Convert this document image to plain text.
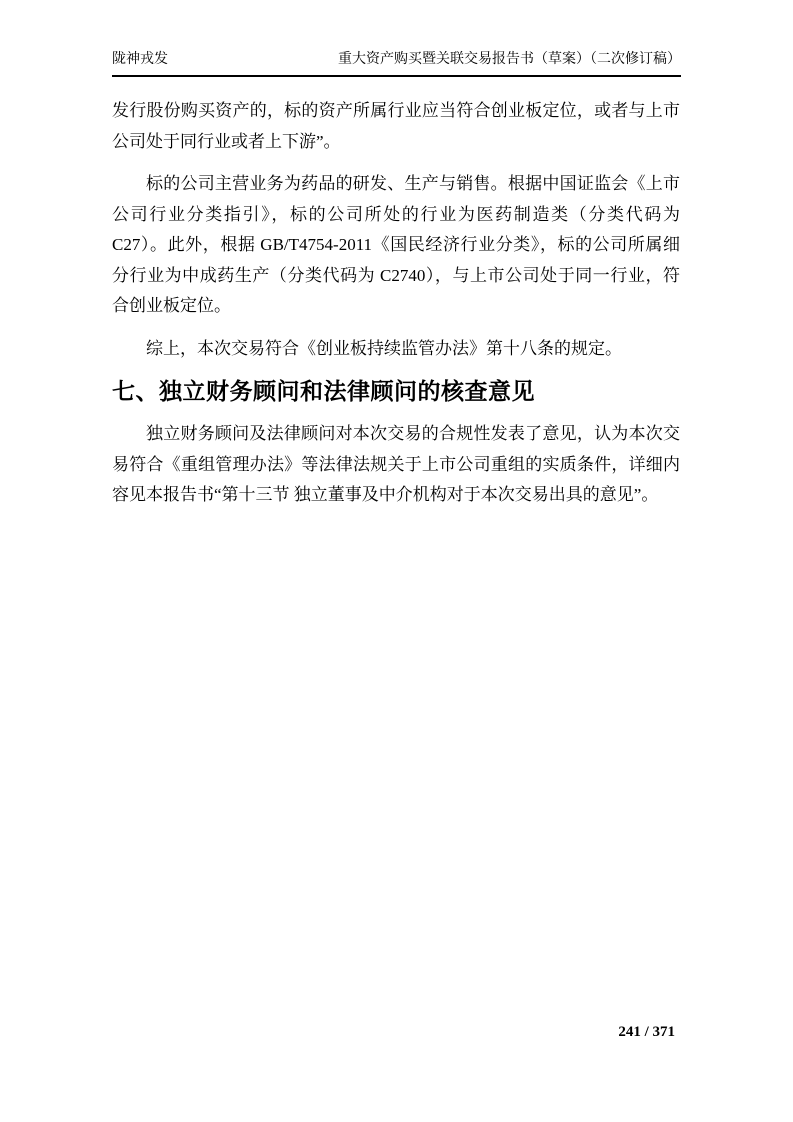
陇神戎发	重大资产购买暨关联交易报告书（草案）（二次修订稿）

发行股份购买资产的，标的资产所属行业应当符合创业板定位，或者与上市公司处于同行业或者上下游”。

标的公司主营业务为药品的研发、生产与销售。根据中国证监会《上市公司行业分类指引》，标的公司所处的行业为医药制造类（分类代码为 C27）。此外，根据 GB/T4754-2011《国民经济行业分类》，标的公司所属细分行业为中成药生产（分类代码为 C2740），与上市公司处于同一行业，符合创业板定位。

综上，本次交易符合《创业板持续监管办法》第十八条的规定。

七、独立财务顾问和法律顾问的核查意见

独立财务顾问及法律顾问对本次交易的合规性发表了意见，认为本次交易符合《重组管理办法》等法律法规关于上市公司重组的实质条件，详细内容见本报告书“第十三节 独立董事及中介机构对于本次交易出具的意见”。

241 / 371
